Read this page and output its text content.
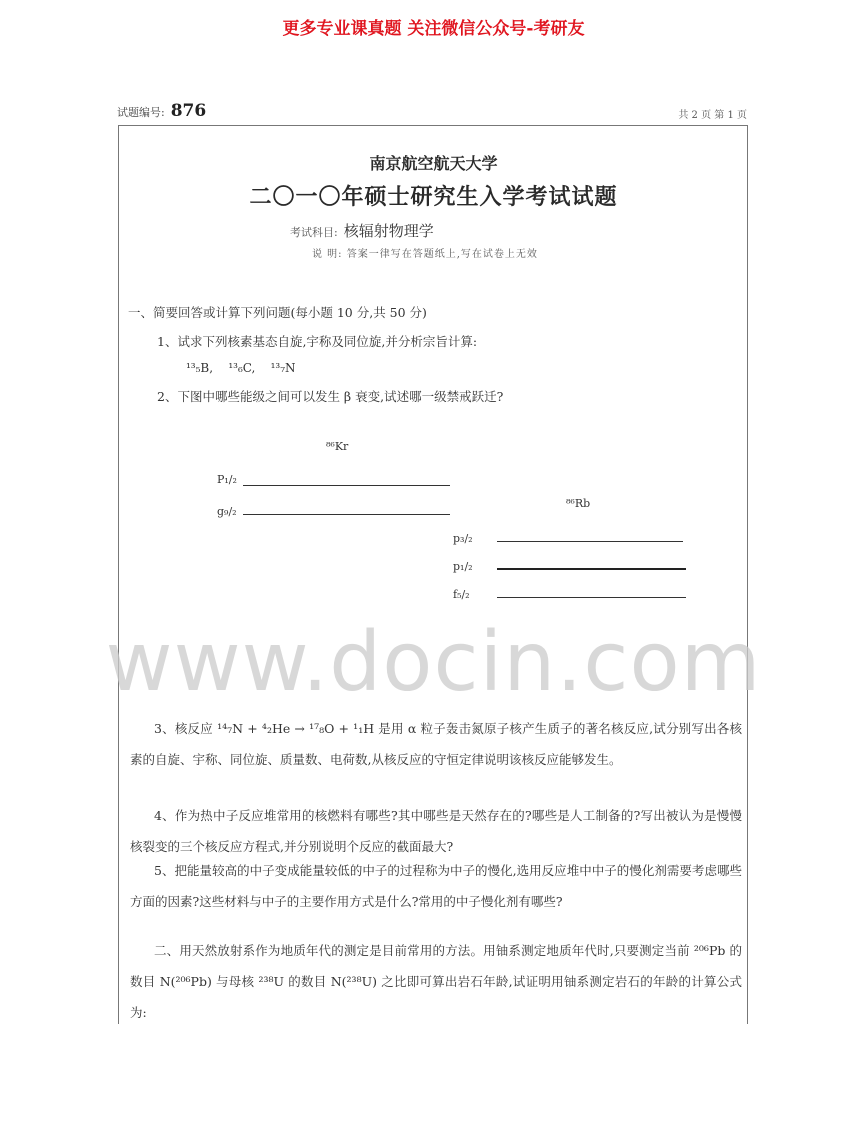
更多专业课真题 关注微信公众号-考研友
试题编号: 876	共 2 页 第 1 页
南京航空航天大学
二〇一〇年硕士研究生入学考试试题
考试科目: 核辐射物理学
说 明: 答案一律写在答题纸上,写在试卷上无效
一、简要回答或计算下列问题(每小题 10 分,共 50 分)
1、试求下列核素基态自旋,宇称及同位旋,并分析宗旨计算:
¹³₅B, ¹³₆C, ¹³₇N
2、下图中哪些能级之间可以发生 β 衰变,试述哪一级禁戒跃迁?
⁸⁶Kr
P₁/₂
g₉/₂
⁸⁶Rb
p₃/₂
p₁/₂
f₅/₂
www.docin.com
3、核反应 ¹⁴₇N + ⁴₂He → ¹⁷₈O + ¹₁H 是用 α 粒子轰击氮原子核产生质子的著名核反应,试分别写出各核素的自旋、宇称、同位旋、质量数、电荷数,从核反应的守恒定律说明该核反应能够发生。
4、作为热中子反应堆常用的核燃料有哪些?其中哪些是天然存在的?哪些是人工制备的?写出被认为是慢慢核裂变的三个核反应方程式,并分别说明个反应的截面最大?
5、把能量较高的中子变成能量较低的中子的过程称为中子的慢化,选用反应堆中中子的慢化剂需要考虑哪些方面的因素?这些材料与中子的主要作用方式是什么?常用的中子慢化剂有哪些?
二、用天然放射系作为地质年代的测定是目前常用的方法。用铀系测定地质年代时,只要测定当前 ²⁰⁶Pb 的数目 N(²⁰⁶Pb) 与母核 ²³⁸U 的数目 N(²³⁸U) 之比即可算出岩石年龄,试证明用铀系测定岩石的年龄的计算公式为:
